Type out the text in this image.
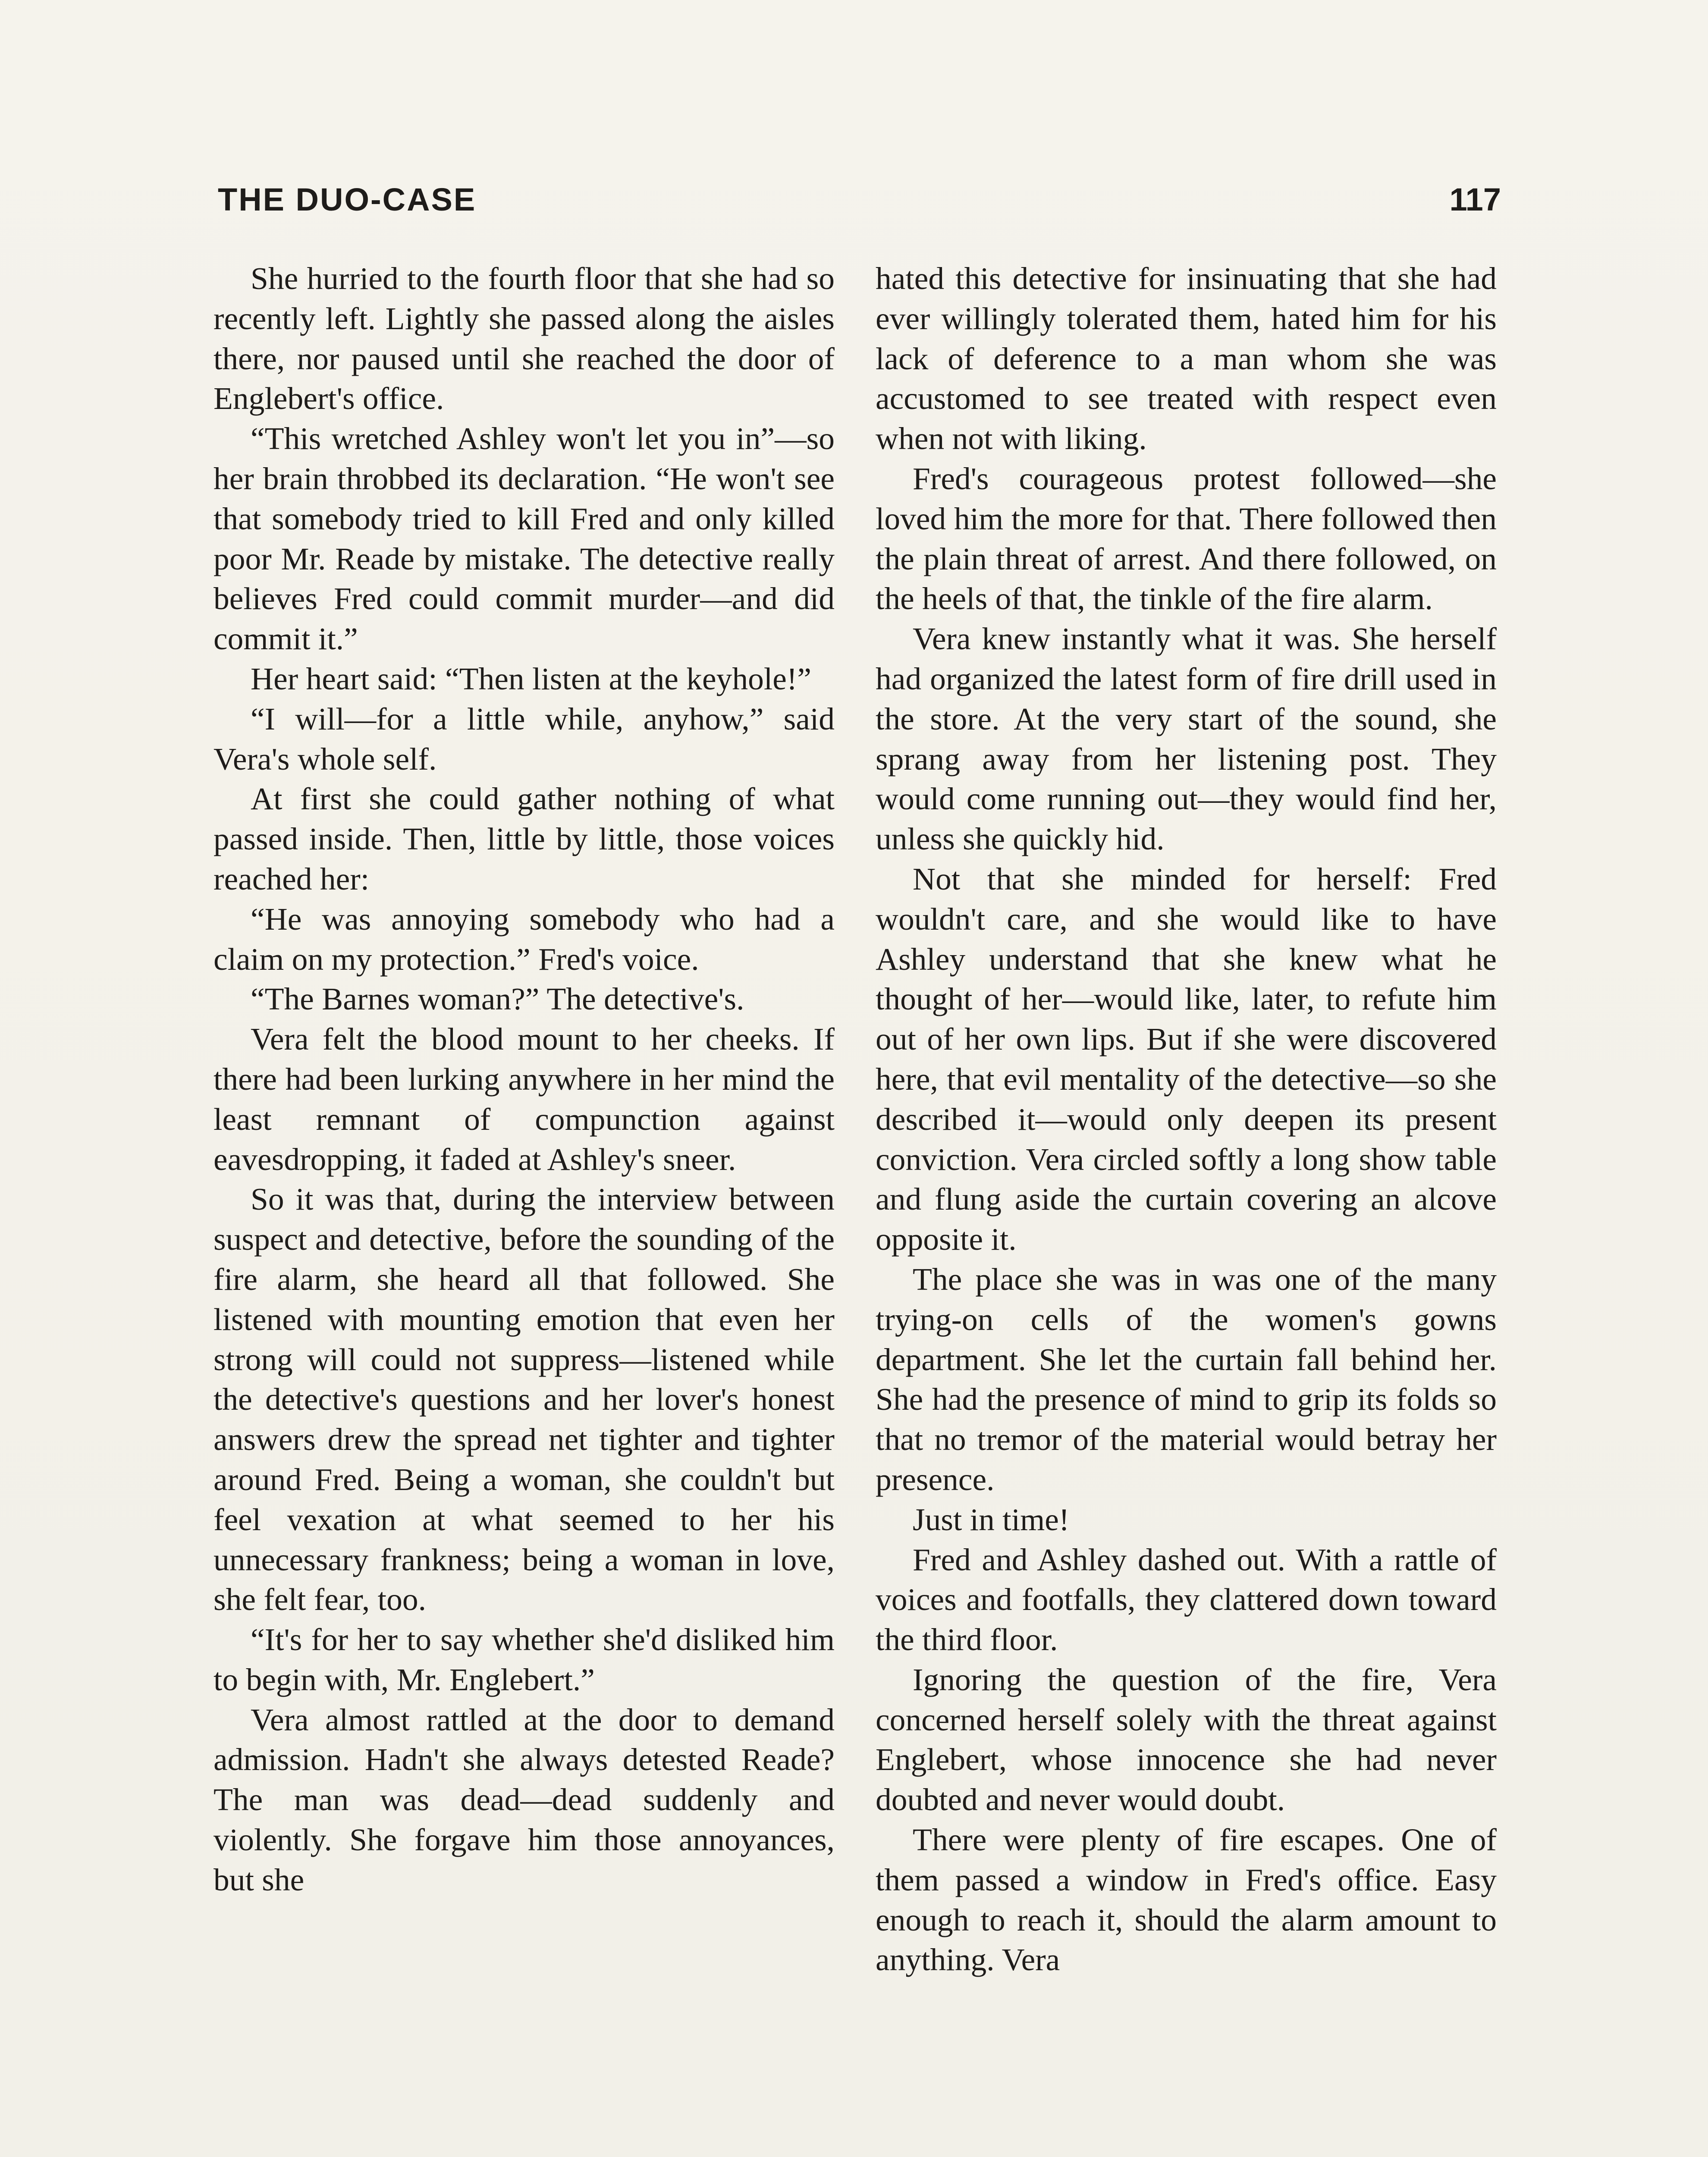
THE DUO-CASE	117

She hurried to the fourth floor that she had so recently left. Lightly she passed along the aisles there, nor paused until she reached the door of Englebert's office.

“This wretched Ashley won't let you in”—so her brain throbbed its declaration. “He won't see that somebody tried to kill Fred and only killed poor Mr. Reade by mistake. The detective really believes Fred could commit murder—and did commit it.”

Her heart said: “Then listen at the keyhole!”

“I will—for a little while, anyhow,” said Vera's whole self.

At first she could gather nothing of what passed inside. Then, little by little, those voices reached her:

“He was annoying somebody who had a claim on my protection.” Fred's voice.

“The Barnes woman?” The detective's.

Vera felt the blood mount to her cheeks. If there had been lurking anywhere in her mind the least remnant of compunction against eavesdropping, it faded at Ashley's sneer.

So it was that, during the interview between suspect and detective, before the sounding of the fire alarm, she heard all that followed. She listened with mounting emotion that even her strong will could not suppress—listened while the detective's questions and her lover's honest answers drew the spread net tighter and tighter around Fred. Being a woman, she couldn't but feel vexation at what seemed to her his unnecessary frankness; being a woman in love, she felt fear, too.

“It's for her to say whether she'd disliked him to begin with, Mr. Englebert.”

Vera almost rattled at the door to demand admission. Hadn't she always detested Reade? The man was dead—dead suddenly and violently. She forgave him those annoyances, but she

hated this detective for insinuating that she had ever willingly tolerated them, hated him for his lack of deference to a man whom she was accustomed to see treated with respect even when not with liking.

Fred's courageous protest followed—she loved him the more for that. There followed then the plain threat of arrest. And there followed, on the heels of that, the tinkle of the fire alarm.

Vera knew instantly what it was. She herself had organized the latest form of fire drill used in the store. At the very start of the sound, she sprang away from her listening post. They would come running out—they would find her, unless she quickly hid.

Not that she minded for herself: Fred wouldn't care, and she would like to have Ashley understand that she knew what he thought of her—would like, later, to refute him out of her own lips. But if she were discovered here, that evil mentality of the detective—so she described it—would only deepen its present conviction. Vera circled softly a long show table and flung aside the curtain covering an alcove opposite it.

The place she was in was one of the many trying-on cells of the women's gowns department. She let the curtain fall behind her. She had the presence of mind to grip its folds so that no tremor of the material would betray her presence.

Just in time!

Fred and Ashley dashed out. With a rattle of voices and footfalls, they clattered down toward the third floor.

Ignoring the question of the fire, Vera concerned herself solely with the threat against Englebert, whose innocence she had never doubted and never would doubt.

There were plenty of fire escapes. One of them passed a window in Fred's office. Easy enough to reach it, should the alarm amount to anything. Vera
